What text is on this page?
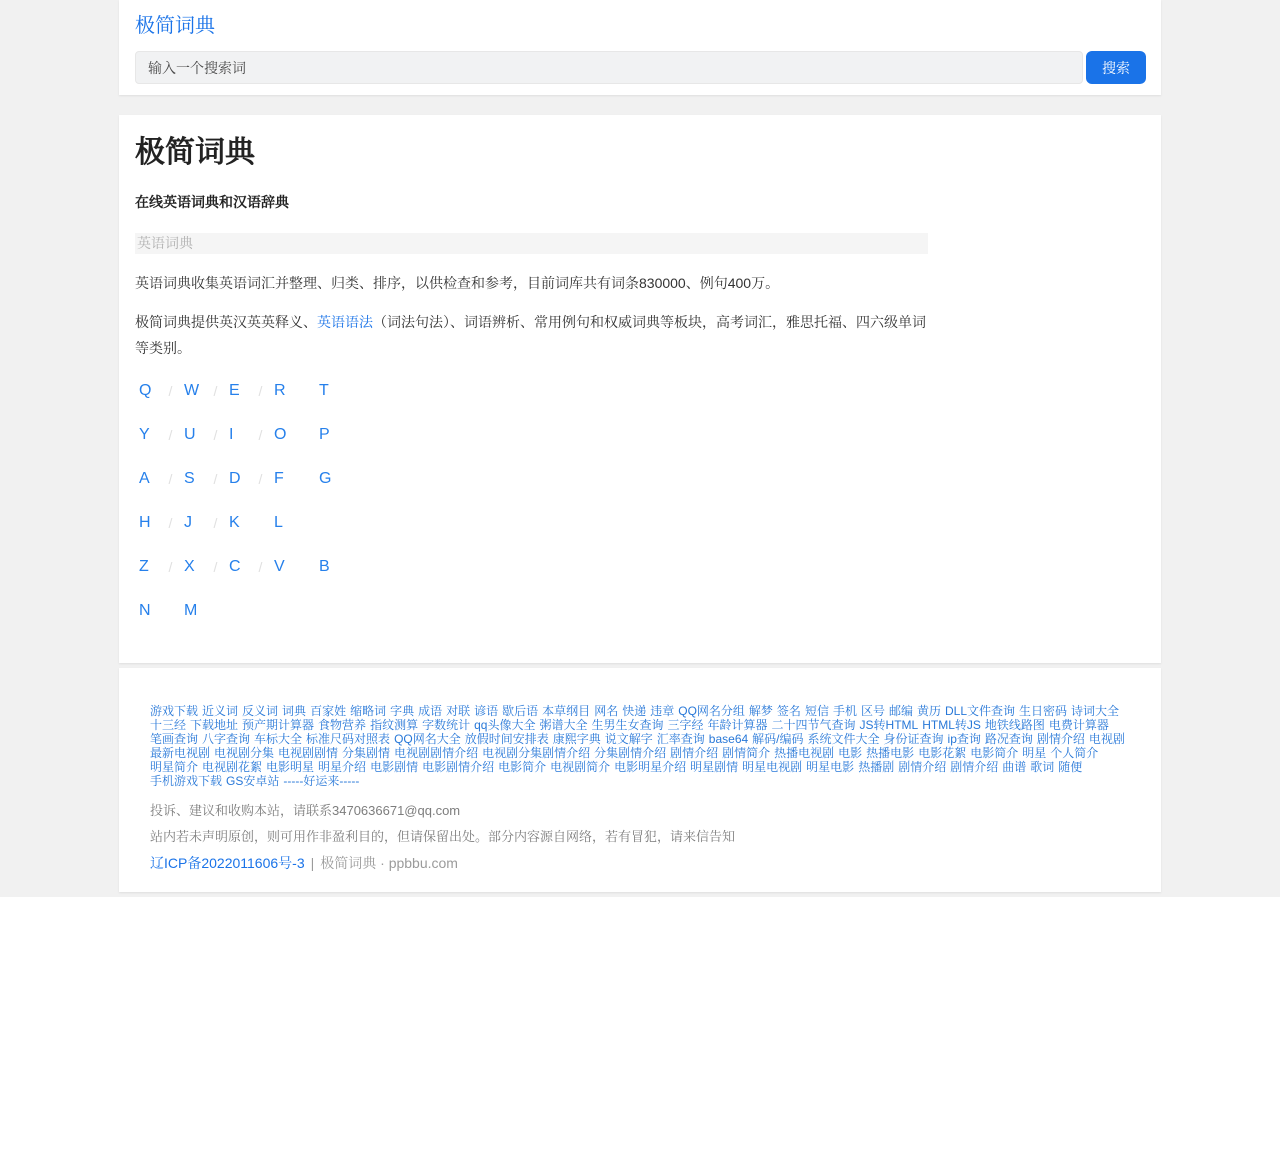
极简词典
输入一个搜索词
搜索
极简词典
在线英语词典和汉语辞典
英语词典

英语词典收集英语词汇并整理、归类、排序，以供检查和参考，目前词库共有词条830000、例句400万。

极简词典提供英汉英英释义、英语语法（词法句法）、词语辨析、常用例句和权威词典等板块，高考词汇，雅思托福、四六级单词等类别。

Q	/ W	/ E	/ R	T
Y	/ U	/ I	/ O	P
A	/ S	/ D	/ F	G
H	/ J	/ K	L
Z	/ X	/ C	/ V	B
N	M
游戏下载 近义词 反义词 词典 百家姓 缩略词 字典 成语 对联 谚语 歇后语 本草纲目 网名 快递 违章 QQ网名分组 解梦 签名 短信 手机 区号 邮编 黄历 DLL文件查询 生日密码 诗词大全
十三经 下载地址 预产期计算器 食物营养 指纹测算 字数统计 qq头像大全 粥谱大全 生男生女查询 三字经 年龄计算器 二十四节气查询 JS转HTML HTML转JS 地铁线路图 电费计算器
笔画查询 八字查询 车标大全 标准尺码对照表 QQ网名大全 放假时间安排表 康熙字典 说文解字 汇率查询 base64 解码/编码 系统文件大全 身份证查询 ip查询 路况查询 剧情介绍 电视剧
最新电视剧 电视剧分集 电视剧剧情 分集剧情 电视剧剧情介绍 电视剧分集剧情介绍 分集剧情介绍 剧情介绍 剧情简介 热播电视剧 电影 热播电影 电影花絮 电影简介 明星 个人简介
明星简介 电视剧花絮 电影明星 明星介绍 电影剧情 电影剧情介绍 电影简介 电视剧简介 电影明星介绍 明星剧情 明星电视剧 明星电影 热播剧 剧情介绍 剧情介绍 曲谱 歌词 随便
手机游戏下载 GS安卓站 -----好运来-----
投诉、建议和收购本站，请联系3470636671@qq.com
站内若未声明原创，则可用作非盈利目的，但请保留出处。部分内容源自网络，若有冒犯，请来信告知
辽ICP备2022011606号-3 | 极简词典 · ppbbu.com
